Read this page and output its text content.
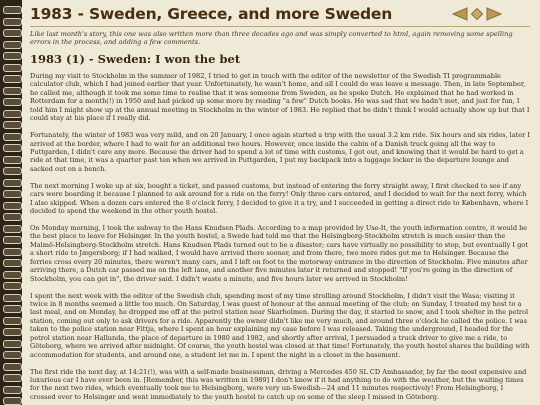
1983 - Sweden, Greece, and more Sweden
Like last month's story, this one was also written more than three decades ago and was simply converted to html, again removing some spelling errors in the process, and adding a few comments.
1983 (1) - Sweden: I won the bet

During my visit to Stockholm in the summer of 1982, I tried to get in touch with the editor of the newsletter of the Swedish TI programmable calculator club, which I had joined earlier that year. Unfortunately, he wasn't home, and all I could do was leave a message. Then, in late September, he called me, although it took me some time to realise that it was someone from Sweden, as he spoke Dutch. He explained that he had worked in Rotterdam for a month(!) in 1950 and had picked up some more by reading "a few" Dutch books. He was sad that we hadn't met, and just for fun, I told him I might show up at the annual meeting in Stockholm in the winter of 1983. He replied that he didn't think I would actually show up but that I could stay at his place if I really did.

Fortunately, the winter of 1983 was very mild, and on 20 January, I once again started a trip with the usual 3.2 km ride. Six hours and six rides, later I arrived at the border, where I had to wait for an additional two hours. However, once inside the cabin of a Danish truck going all the way to Puttgarden, I didn't care any more. Because the driver had to spend a lot of time with customs, I got out, and knowing that it would be hard to get a ride at that time, it was a quarter past ten when we arrived in Puttgarden, I put my backpack into a luggage locker in the departure lounge and sacked out on a bench.

The next morning I woke up at six, bought a ticket, and passed customs, but instead of entering the ferry straight away, I first checked to see if any cars were boarding it because I planned to ask around for a ride on the ferry! Only three cars entered, and I decided to wait for the next ferry, which I also skipped. When a dozen cars entered the 8 o'clock ferry, I decided to give it a try, and I succeeded in getting a direct ride to København, where I decided to spend the weekend in the other youth hostel.

On Monday morning, I took the subway to the Hans Knudsen Plads. According to a map provided by Use-It, the youth information centre, it would be the best place to leave for Helsingør. In the youth hostel, a Swede had told me that the Helsingborg-Stockholm stretch is much easier than the Malmö-Helsingborg-Stockholm stretch. Hans Knudsen Plads turned out to be a disaster; cars have virtually no possibility to stop, but eventually I got a short ride to Jægersborg; if I had walked, I would have arrived there sooner, and from there, two more rides got me to Helsingør. Because the ferries cross every 20 minutes, there weren't many cars, and I left on foot to the motorway entrance in the direction of Stockholm. Five minutes after arriving there, a Dutch car passed me on the left lane, and another five minutes later it returned and stopped! "If you're going in the direction of Stockholm, you can get in", the driver said. I didn't waste a minute, and five hours later we arrived in Stockholm!

I spent the next week with the editor of the Swedish club, spending most of my time strolling around Stockholm, I didn't visit the Wasa; visiting it twice in 8 months seemed a little too much. On Saturday, I was guest of honour at the annual meeting of the club; on Sunday, I treated my host to a last meal, and on Monday, he dropped me off at the petrol station near Skarholmen. During the day, it started to snow, and I took shelter in the petrol station, coming out only to ask drivers for a ride. Apparently the owner didn't like me very much, and around three o'clock he called the police. I was taken to the police station near Fittja, where I spent an hour explaining my case before I was released. Taking the underground, I headed for the petrol station near Hallunda, the place of departure in 1980 and 1982, and shortly after arrival, I persuaded a truck driver to give me a ride, to Göteborg, where we arrived after midnight. Of course, the youth hostel was closed at that time! Fortunately, the youth hostel shares the building with accommodation for students, and around one, a student let me in. I spent the night in a closet in the basement.

The first ride the next day, at 14:21(!), was with a self-made businessman, driving a Mercedes 450 SL CD Ambassador, by far the most expensive and luxurious car I have ever been in. [Remember, this was written in 1989] I don't know if it had anything to do with the weather, but the waiting times for the next two rides, which eventually took me to Helsingborg, were very un-Swedish—24 and 11 minutes respectively! From Helsingborg, I crossed over to Helsingør and went immediately to the youth hostel to catch up on some of the sleep I missed in Göteborg.
